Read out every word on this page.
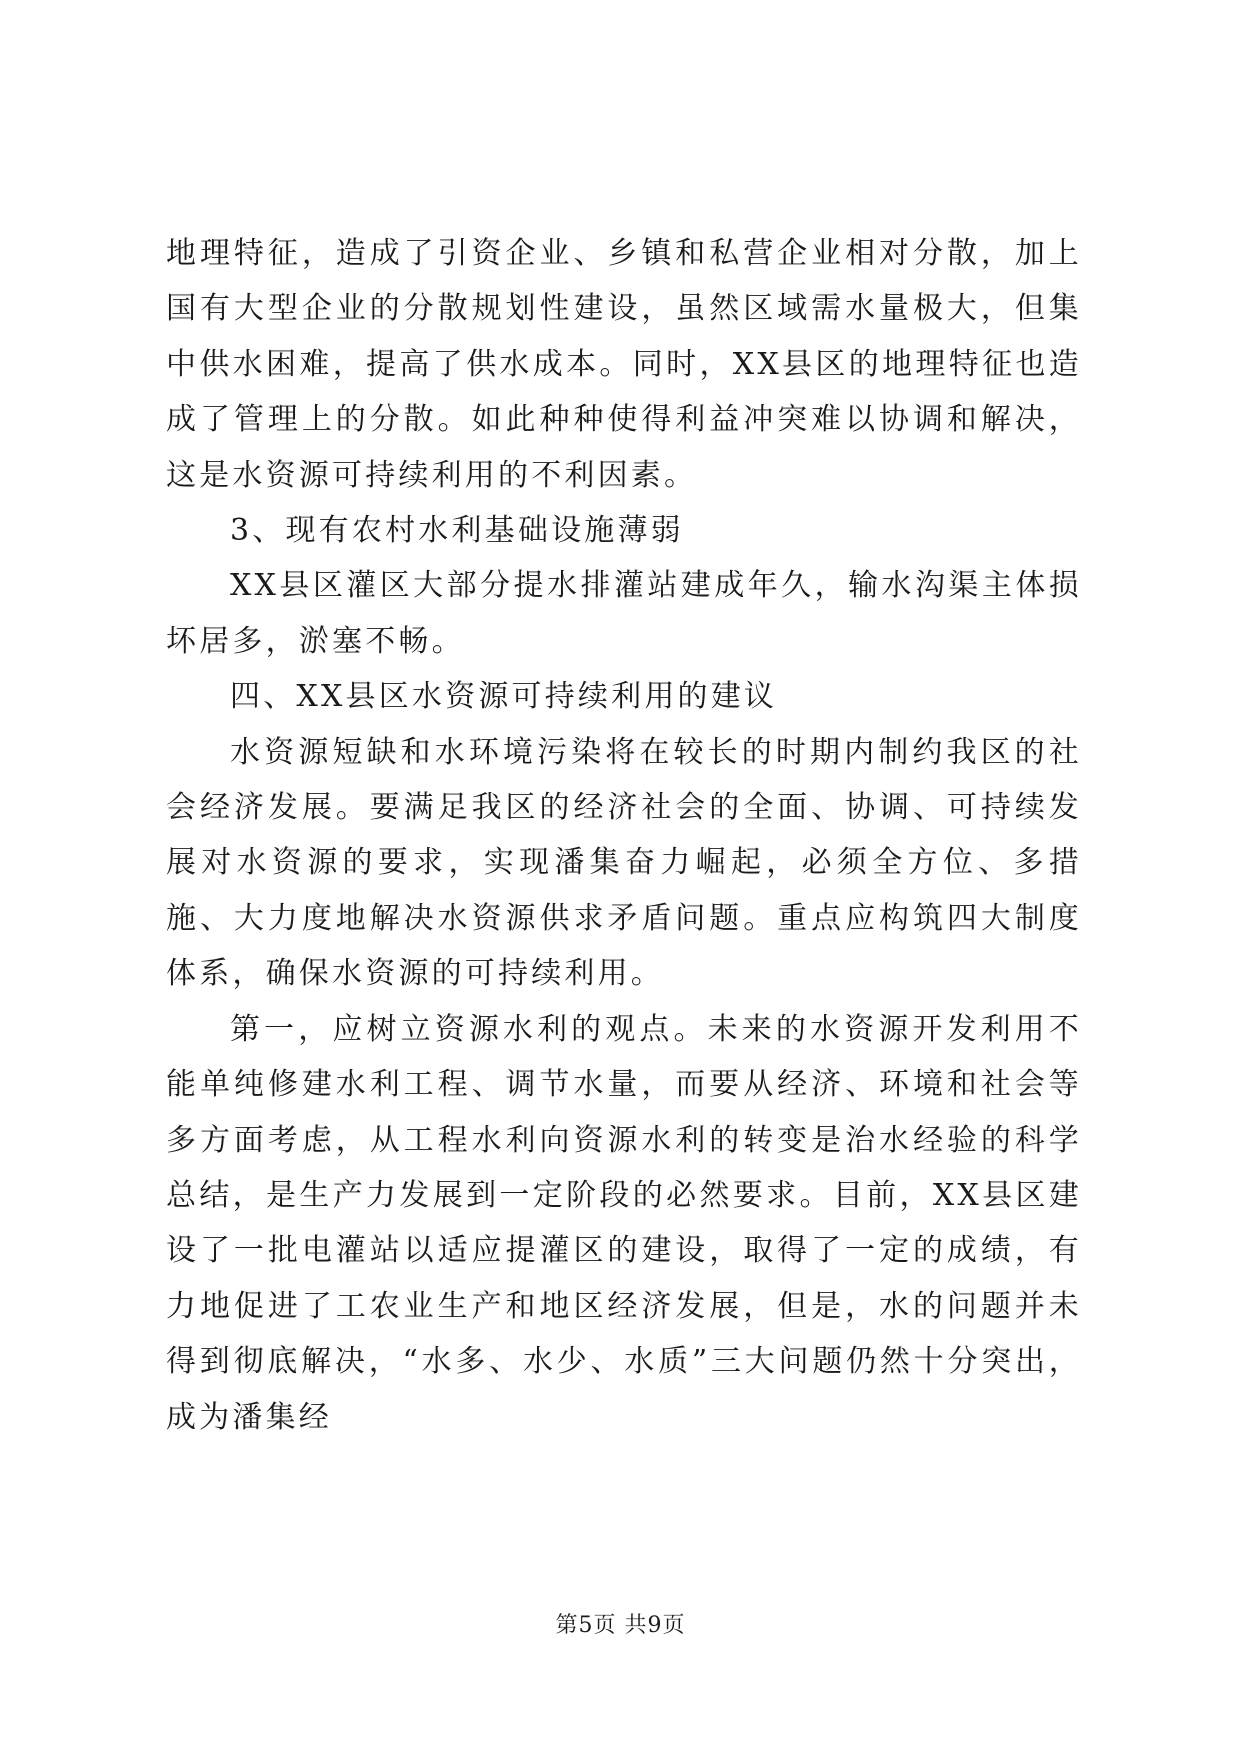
地理特征，造成了引资企业、乡镇和私营企业相对分散，加上国有大型企业的分散规划性建设，虽然区域需水量极大，但集中供水困难，提高了供水成本。同时，XX县区的地理特征也造成了管理上的分散。如此种种使得利益冲突难以协调和解决，这是水资源可持续利用的不利因素。

3、现有农村水利基础设施薄弱

XX县区灌区大部分提水排灌站建成年久，输水沟渠主体损坏居多，淤塞不畅。

四、XX县区水资源可持续利用的建议

水资源短缺和水环境污染将在较长的时期内制约我区的社会经济发展。要满足我区的经济社会的全面、协调、可持续发展对水资源的要求，实现潘集奋力崛起，必须全方位、多措施、大力度地解决水资源供求矛盾问题。重点应构筑四大制度体系，确保水资源的可持续利用。

第一，应树立资源水利的观点。未来的水资源开发利用不能单纯修建水利工程、调节水量，而要从经济、环境和社会等多方面考虑，从工程水利向资源水利的转变是治水经验的科学总结，是生产力发展到一定阶段的必然要求。目前，XX县区建设了一批电灌站以适应提灌区的建设，取得了一定的成绩，有力地促进了工农业生产和地区经济发展，但是，水的问题并未得到彻底解决，“水多、水少、水质”三大问题仍然十分突出，成为潘集经

第5页 共9页
